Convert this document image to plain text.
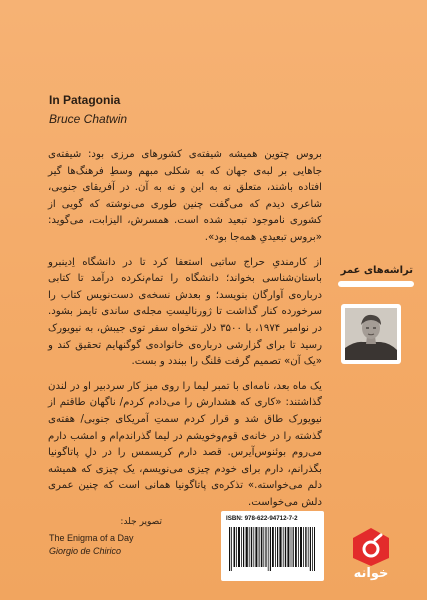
In Patagonia
Bruce Chatwin

بروس چتوین همیشه شیفته‌ی کشورهای مرزی بود: شیفته‌ی جاهایی بر لبه‌ی جهان که به شکلی مبهم وسطِ فرهنگ‌ها گیر افتاده باشند، متعلق نه به این و نه به آن. در آفریقای جنوبی، شاعری دیدم که می‌گفت چنین طوری می‌نوشته که گویی از کشوری ناموجود تبعید شده است. همسرش، الیزابت، می‌گوید: «بروس تبعیدیِ همه‌جا بود».

از کارمندیِ حراج ساتبی استعفا کرد تا در دانشگاه اِدینبرو باستان‌شناسی بخواند؛ دانشگاه را تمام‌نکرده درآمد تا کتابی درباره‌ی آوارگان بنویسد؛ و بعدش نسخه‌ی دست‌نویس کتاب را سرخورده کنار گذاشت تا ژورنالیستِ مجله‌ی ساندی تایمز بشود. در نوامبر ۱۹۷۴، با ۳۵۰۰ دلار تنخواه سفر توی جیبش، به نیویورک رسید تا برای گزارشی درباره‌ی خانواده‌ی گوگنهایم تحقیق کند و «یک آن» تصمیم گرفت قلنگ را ببندد و بست.

یک ماه بعد، نامه‌ای با تمبر لیما را روی میز کار سردبیر او در لندن گذاشتند: «کاری که هشدارش را می‌دادم کردم/ ناگهان طاقتم از نیویورک طاق شد و قرار کردم سمتِ آمریکای جنوبی/ هفته‌ی گذشته را در خانه‌ی قوم‌وخویشم در لیما گذراندم‌ام و امشب دارم می‌روم بوئنوس‌آیرس. قصد دارم کریسمس را در دلِ پاتاگونیا بگذرانم، دارم برای خودم چیزی می‌نویسم، یک چیزی که همیشه دلم می‌خواسته.» تذکره‌ی پاتاگونیا همانی است که چنین عمری دلش می‌خواست.

تراشه‌های عمر
تصویر جلد:
The Enigma of a Day
Giorgio de Chirico
ISBN: 978-622-94712-7-2
خوانه
